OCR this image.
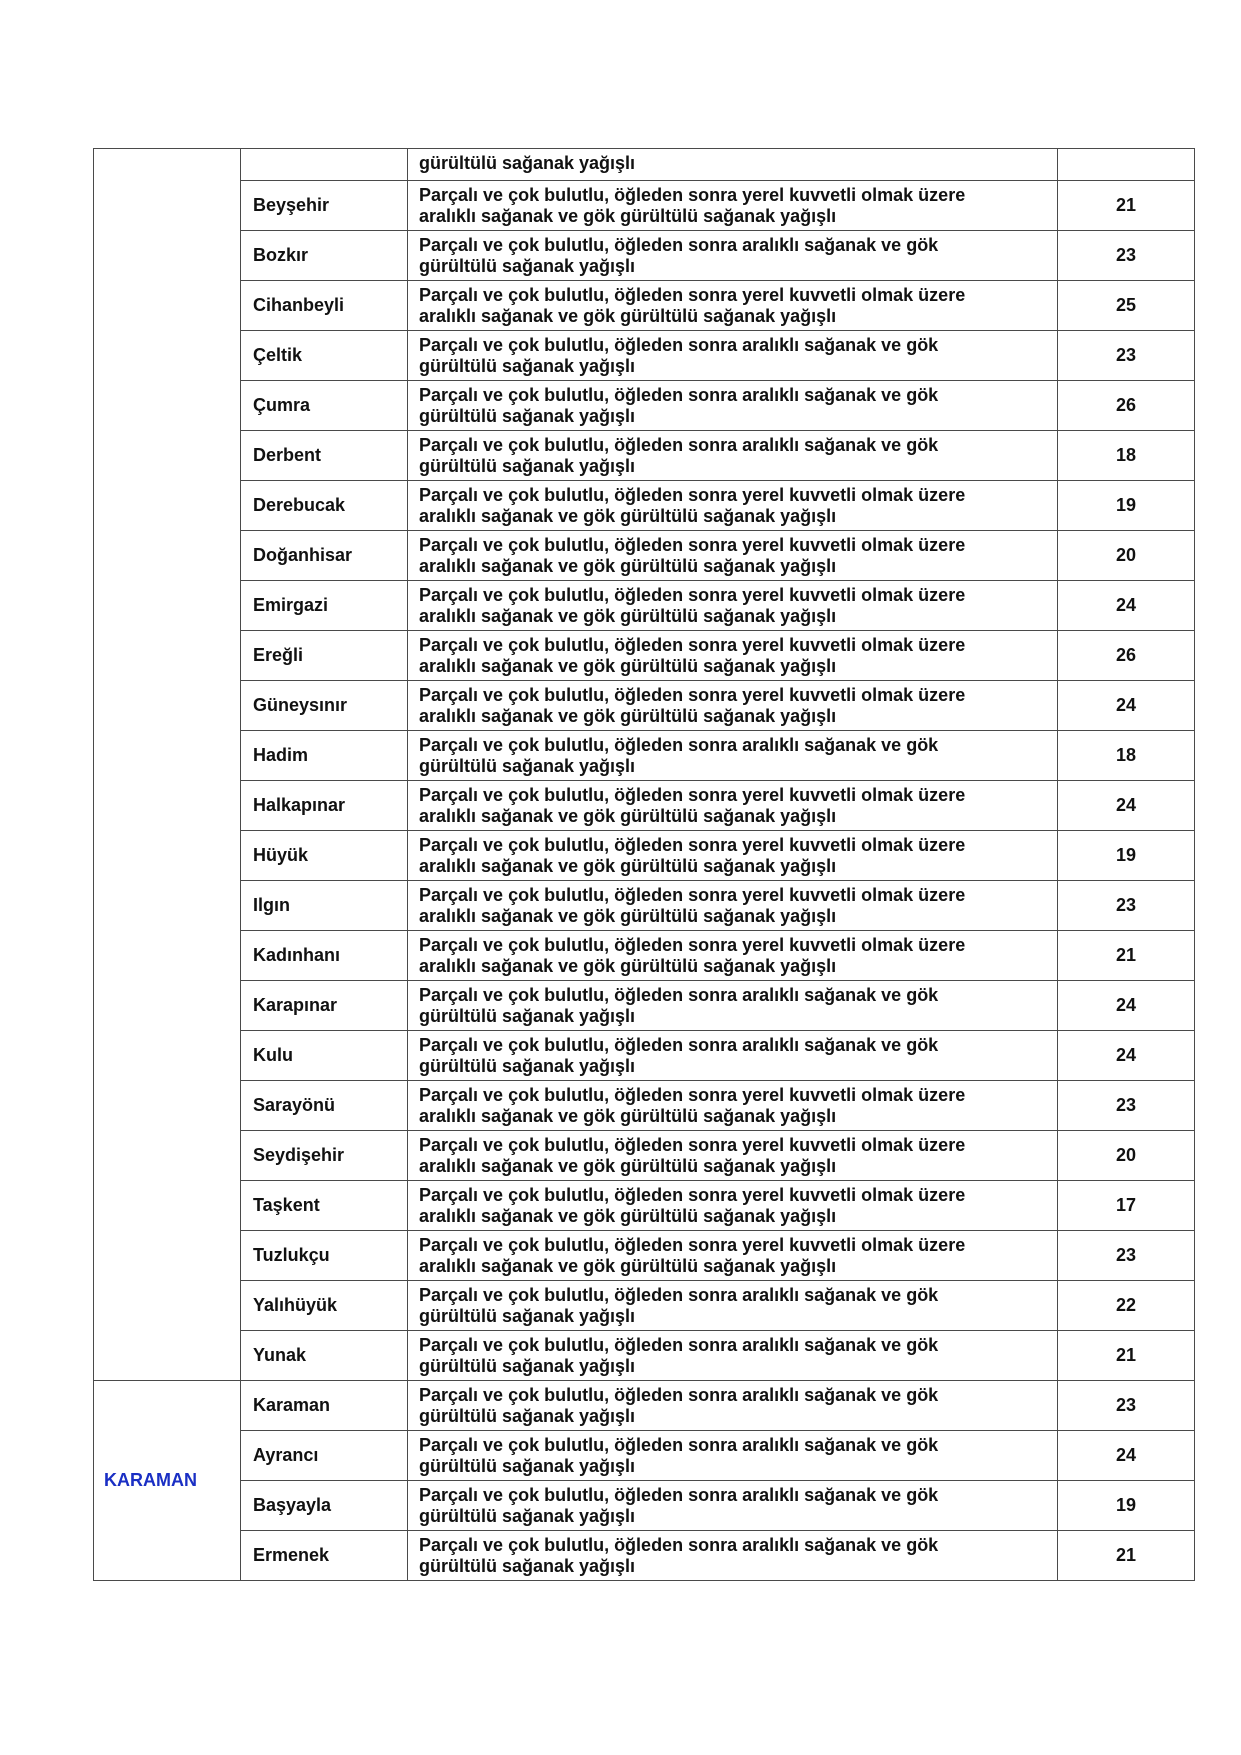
		gürültülü sağanak yağışlı	
	Beyşehir	Parçalı ve çok bulutlu, öğleden sonra yerel kuvvetli olmak üzere
aralıklı sağanak ve gök gürültülü sağanak yağışlı	21
	Bozkır	Parçalı ve çok bulutlu, öğleden sonra aralıklı sağanak ve gök
gürültülü sağanak yağışlı	23
	Cihanbeyli	Parçalı ve çok bulutlu, öğleden sonra yerel kuvvetli olmak üzere
aralıklı sağanak ve gök gürültülü sağanak yağışlı	25
	Çeltik	Parçalı ve çok bulutlu, öğleden sonra aralıklı sağanak ve gök
gürültülü sağanak yağışlı	23
	Çumra	Parçalı ve çok bulutlu, öğleden sonra aralıklı sağanak ve gök
gürültülü sağanak yağışlı	26
	Derbent	Parçalı ve çok bulutlu, öğleden sonra aralıklı sağanak ve gök
gürültülü sağanak yağışlı	18
	Derebucak	Parçalı ve çok bulutlu, öğleden sonra yerel kuvvetli olmak üzere
aralıklı sağanak ve gök gürültülü sağanak yağışlı	19
	Doğanhisar	Parçalı ve çok bulutlu, öğleden sonra yerel kuvvetli olmak üzere
aralıklı sağanak ve gök gürültülü sağanak yağışlı	20
	Emirgazi	Parçalı ve çok bulutlu, öğleden sonra yerel kuvvetli olmak üzere
aralıklı sağanak ve gök gürültülü sağanak yağışlı	24
	Ereğli	Parçalı ve çok bulutlu, öğleden sonra yerel kuvvetli olmak üzere
aralıklı sağanak ve gök gürültülü sağanak yağışlı	26
	Güneysınır	Parçalı ve çok bulutlu, öğleden sonra yerel kuvvetli olmak üzere
aralıklı sağanak ve gök gürültülü sağanak yağışlı	24
	Hadim	Parçalı ve çok bulutlu, öğleden sonra aralıklı sağanak ve gök
gürültülü sağanak yağışlı	18
	Halkapınar	Parçalı ve çok bulutlu, öğleden sonra yerel kuvvetli olmak üzere
aralıklı sağanak ve gök gürültülü sağanak yağışlı	24
	Hüyük	Parçalı ve çok bulutlu, öğleden sonra yerel kuvvetli olmak üzere
aralıklı sağanak ve gök gürültülü sağanak yağışlı	19
	Ilgın	Parçalı ve çok bulutlu, öğleden sonra yerel kuvvetli olmak üzere
aralıklı sağanak ve gök gürültülü sağanak yağışlı	23
	Kadınhanı	Parçalı ve çok bulutlu, öğleden sonra yerel kuvvetli olmak üzere
aralıklı sağanak ve gök gürültülü sağanak yağışlı	21
	Karapınar	Parçalı ve çok bulutlu, öğleden sonra aralıklı sağanak ve gök
gürültülü sağanak yağışlı	24
	Kulu	Parçalı ve çok bulutlu, öğleden sonra aralıklı sağanak ve gök
gürültülü sağanak yağışlı	24
	Sarayönü	Parçalı ve çok bulutlu, öğleden sonra yerel kuvvetli olmak üzere
aralıklı sağanak ve gök gürültülü sağanak yağışlı	23
	Seydişehir	Parçalı ve çok bulutlu, öğleden sonra yerel kuvvetli olmak üzere
aralıklı sağanak ve gök gürültülü sağanak yağışlı	20
	Taşkent	Parçalı ve çok bulutlu, öğleden sonra yerel kuvvetli olmak üzere
aralıklı sağanak ve gök gürültülü sağanak yağışlı	17
	Tuzlukçu	Parçalı ve çok bulutlu, öğleden sonra yerel kuvvetli olmak üzere
aralıklı sağanak ve gök gürültülü sağanak yağışlı	23
	Yalıhüyük	Parçalı ve çok bulutlu, öğleden sonra aralıklı sağanak ve gök
gürültülü sağanak yağışlı	22
	Yunak	Parçalı ve çok bulutlu, öğleden sonra aralıklı sağanak ve gök
gürültülü sağanak yağışlı	21
KARAMAN	Karaman	Parçalı ve çok bulutlu, öğleden sonra aralıklı sağanak ve gök
gürültülü sağanak yağışlı	23
	Ayrancı	Parçalı ve çok bulutlu, öğleden sonra aralıklı sağanak ve gök
gürültülü sağanak yağışlı	24
	Başyayla	Parçalı ve çok bulutlu, öğleden sonra aralıklı sağanak ve gök
gürültülü sağanak yağışlı	19
	Ermenek	Parçalı ve çok bulutlu, öğleden sonra aralıklı sağanak ve gök
gürültülü sağanak yağışlı	21
